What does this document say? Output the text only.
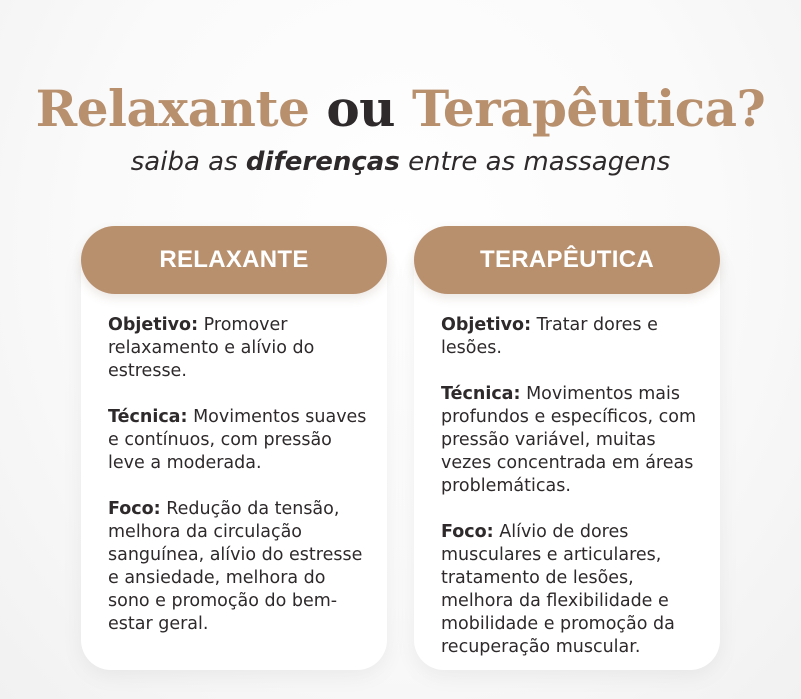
Relaxante ou Terapêutica?
saiba as diferenças entre as massagens
RELAXANTE

Objetivo: Promover relaxamento e alívio do estresse.

Técnica: Movimentos suaves e contínuos, com pressão leve a moderada.

Foco: Redução da tensão, melhora da circulação sanguínea, alívio do estresse e ansiedade, melhora do sono e promoção do bem-estar geral.

TERAPÊUTICA

Objetivo: Tratar dores e lesões.

Técnica: Movimentos mais profundos e específicos, com pressão variável, muitas vezes concentrada em áreas problemáticas.

Foco: Alívio de dores musculares e articulares, tratamento de lesões, melhora da flexibilidade e mobilidade e promoção da recuperação muscular.
